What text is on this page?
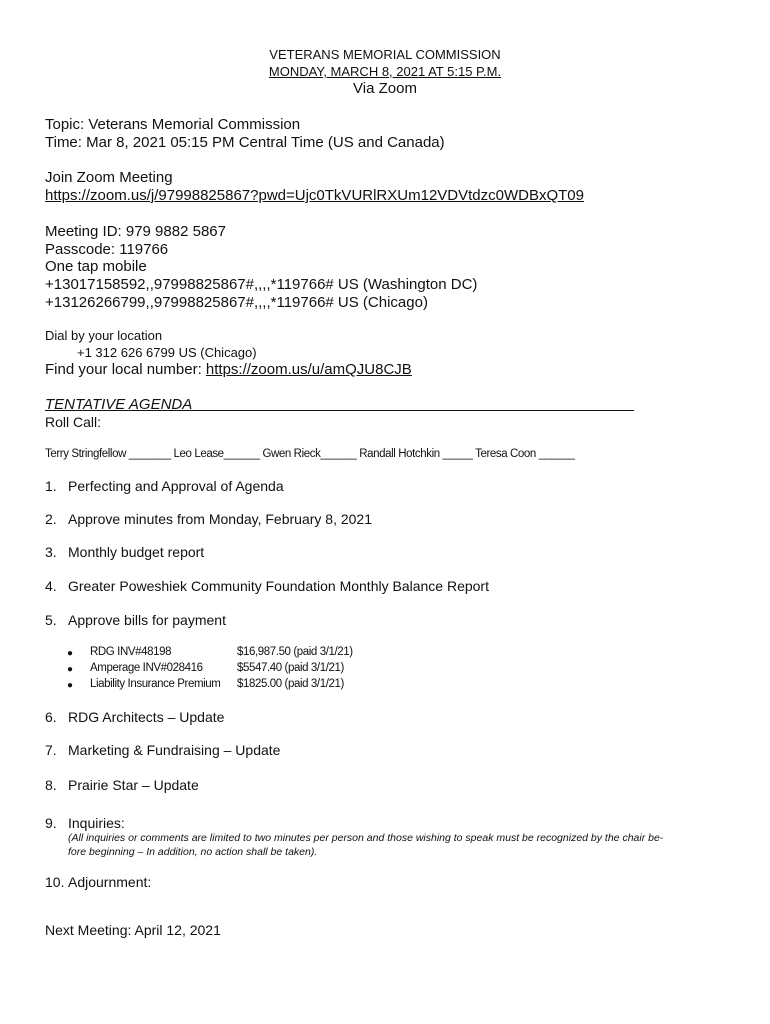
VETERANS MEMORIAL COMMISSION
MONDAY, MARCH 8, 2021 AT 5:15 P.M.
Via Zoom
Topic: Veterans Memorial Commission
Time: Mar 8, 2021 05:15 PM Central Time (US and Canada)
Join Zoom Meeting
https://zoom.us/j/97998825867?pwd=Ujc0TkVURlRXUm12VDVtdzc0WDBxQT09
Meeting ID: 979 9882 5867
Passcode: 119766
One tap mobile
+13017158592,,97998825867#,,,,*119766# US (Washington DC)
+13126266799,,97998825867#,,,,*119766# US (Chicago)
Dial by your location
+1 312 626 6799 US (Chicago)
Find your local number: https://zoom.us/u/amQJU8CJB
TENTATIVE AGENDA
Roll Call:
Terry Stringfellow _______ Leo Lease______ Gwen Rieck______ Randall Hotchkin _____ Teresa Coon ______
1. Perfecting and Approval of Agenda
2. Approve minutes from Monday, February 8, 2021
3. Monthly budget report
4. Greater Poweshiek Community Foundation Monthly Balance Report
5. Approve bills for payment
● RDG INV#48198	$16,987.50 (paid 3/1/21)
● Amperage INV#028416	$5547.40 (paid 3/1/21)
● Liability Insurance Premium $1825.00 (paid 3/1/21)
6. RDG Architects – Update
7. Marketing & Fundraising – Update
8. Prairie Star – Update
9. Inquiries:
(All inquiries or comments are limited to two minutes per person and those wishing to speak must be recognized by the chair be-
fore beginning – In addition, no action shall be taken).
10. Adjournment:
Next Meeting: April 12, 2021
